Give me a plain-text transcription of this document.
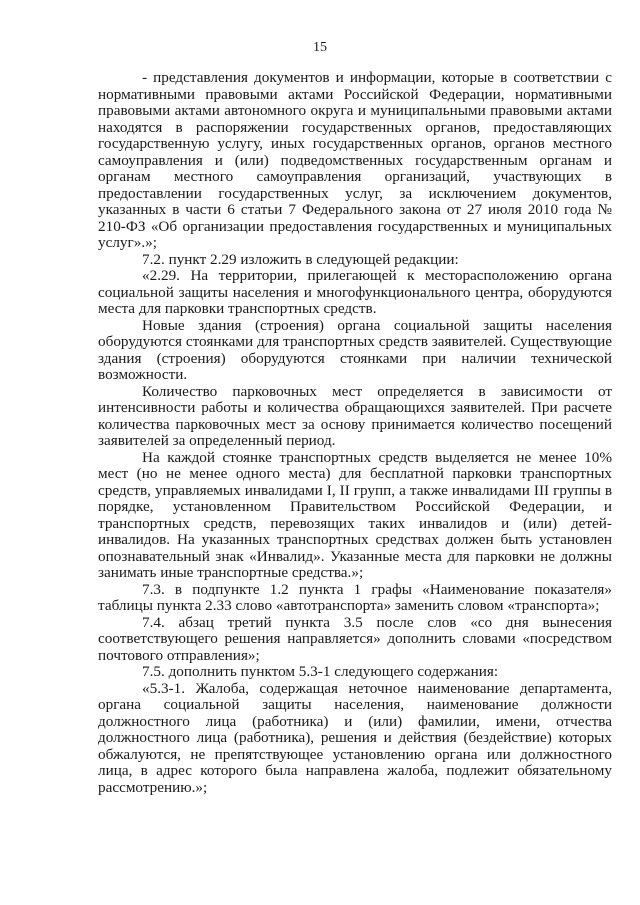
15

- представления документов и информации, которые в соответствии с нормативными правовыми актами Российской Федерации, нормативными правовыми актами автономного округа и муниципальными правовыми актами находятся в распоряжении государственных органов, предоставляющих государственную услугу, иных государственных органов, органов местного самоуправления и (или) подведомственных государственным органам и органам местного самоуправления организаций, участвующих в предоставлении государственных услуг, за исключением документов, указанных в части 6 статьи 7 Федерального закона от 27 июля 2010 года № 210-ФЗ «Об организации предоставления государственных и муниципальных услуг».»;

7.2. пункт 2.29 изложить в следующей редакции:

«2.29. На территории, прилегающей к месторасположению органа социальной защиты населения и многофункционального центра, оборудуются места для парковки транспортных средств.

Новые здания (строения) органа социальной защиты населения оборудуются стоянками для транспортных средств заявителей. Существующие здания (строения) оборудуются стоянками при наличии технической возможности.

Количество парковочных мест определяется в зависимости от интенсивности работы и количества обращающихся заявителей. При расчете количества парковочных мест за основу принимается количество посещений заявителей за определенный период.

На каждой стоянке транспортных средств выделяется не менее 10% мест (но не менее одного места) для бесплатной парковки транспортных средств, управляемых инвалидами I, II групп, а также инвалидами III группы в порядке, установленном Правительством Российской Федерации, и транспортных средств, перевозящих таких инвалидов и (или) детей-инвалидов. На указанных транспортных средствах должен быть установлен опознавательный знак «Инвалид». Указанные места для парковки не должны занимать иные транспортные средства.»;

7.3. в подпункте 1.2 пункта 1 графы «Наименование показателя» таблицы пункта 2.33 слово «автотранспорта» заменить словом «транспорта»;

7.4. абзац третий пункта 3.5 после слов «со дня вынесения соответствующего решения направляется» дополнить словами «посредством почтового отправления»;

7.5. дополнить пунктом 5.3-1 следующего содержания:

«5.3-1. Жалоба, содержащая неточное наименование департамента, органа социальной защиты населения, наименование должности должностного лица (работника) и (или) фамилии, имени, отчества должностного лица (работника), решения и действия (бездействие) которых обжалуются, не препятствующее установлению органа или должностного лица, в адрес которого была направлена жалоба, подлежит обязательному рассмотрению.»;
